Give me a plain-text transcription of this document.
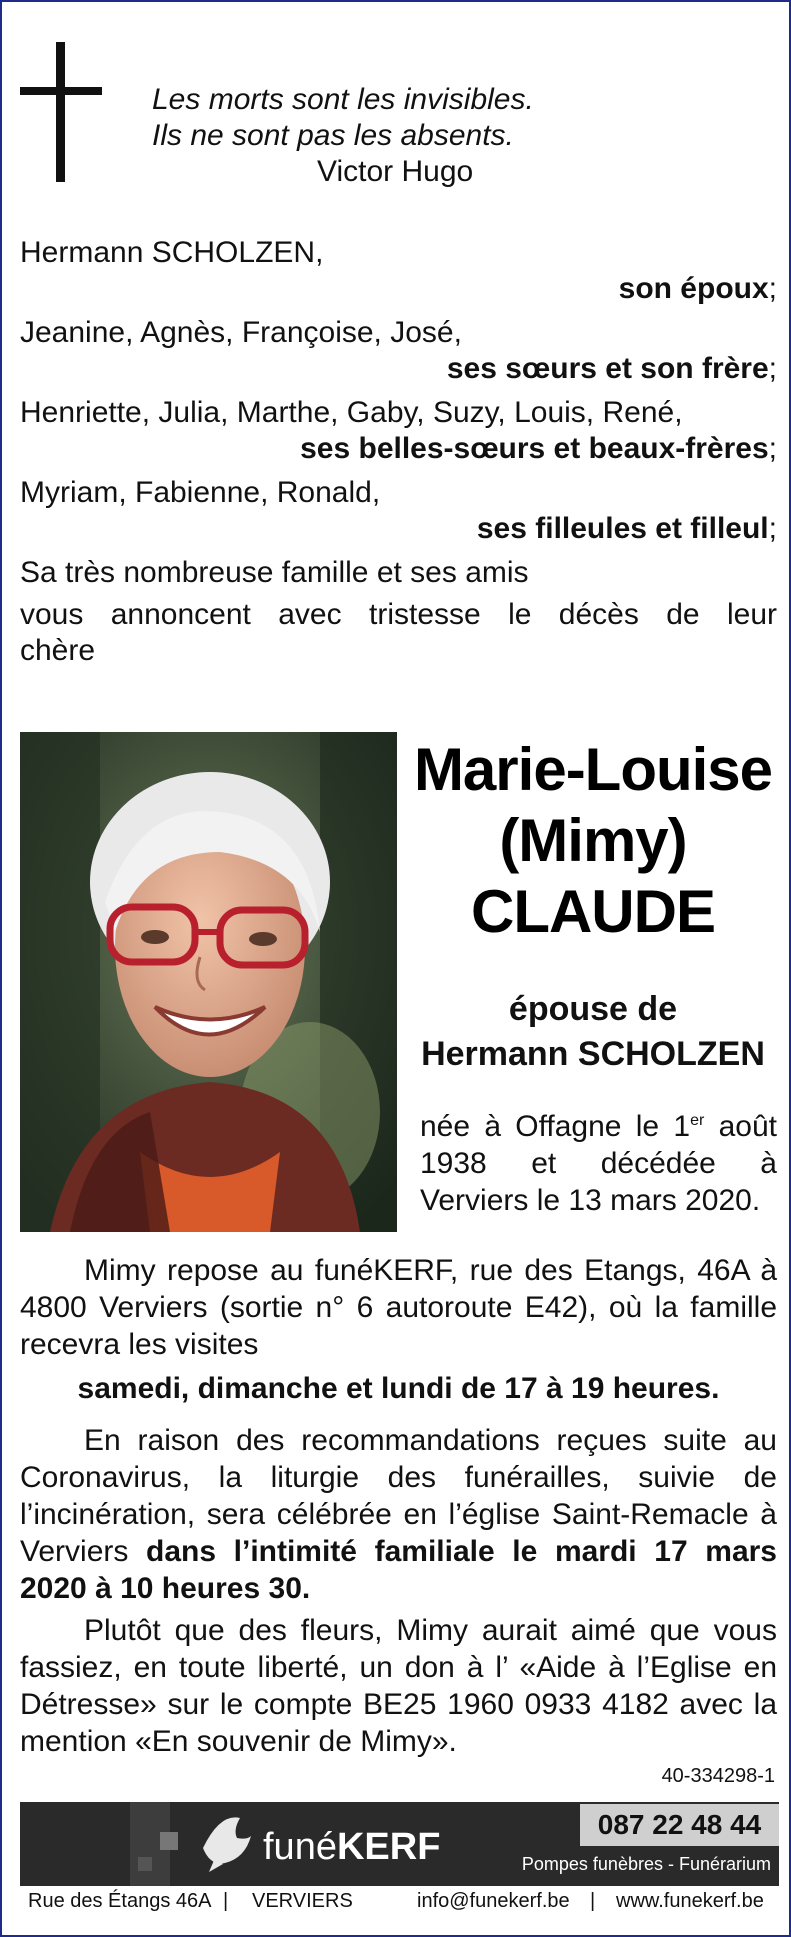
Les morts sont les invisibles.
Ils ne sont pas les absents.
Victor Hugo
Hermann SCHOLZEN,
son époux;
Jeanine, Agnès, Françoise, José,
ses sœurs et son frère;
Henriette, Julia, Marthe, Gaby, Suzy, Louis, René,
ses belles-sœurs et beaux-frères;
Myriam, Fabienne, Ronald,
ses filleules et filleul;
Sa très nombreuse famille et ses amis
vous annoncent avec tristesse le décès de leur
chère
Marie-Louise
(Mimy)
CLAUDE
épouse de
Hermann SCHOLZEN
née à Offagne le 1er août 1938 et décédée à Verviers le 13 mars 2020.
Mimy repose au funéKERF, rue des Etangs, 46A à 4800 Verviers (sortie n° 6 autoroute E42), où la famille recevra les visites
samedi, dimanche et lundi de 17 à 19 heures.
En raison des recommandations reçues suite au Coronavirus, la liturgie des funérailles, suivie de l’incinération, sera célébrée en l’église Saint-Remacle à Verviers dans l’intimité familiale le mardi 17 mars 2020 à 10 heures 30.
Plutôt que des fleurs, Mimy aurait aimé que vous fassiez, en toute liberté, un don à l’ «Aide à l’Eglise en Détresse» sur le compte BE25 1960 0933 4182 avec la mention «En souvenir de Mimy».
40-334298-1
funéKERF
087 22 48 44
Pompes funèbres - Funérarium
Rue des Étangs 46A | VERVIERS	info@funekerf.be | www.funekerf.be
